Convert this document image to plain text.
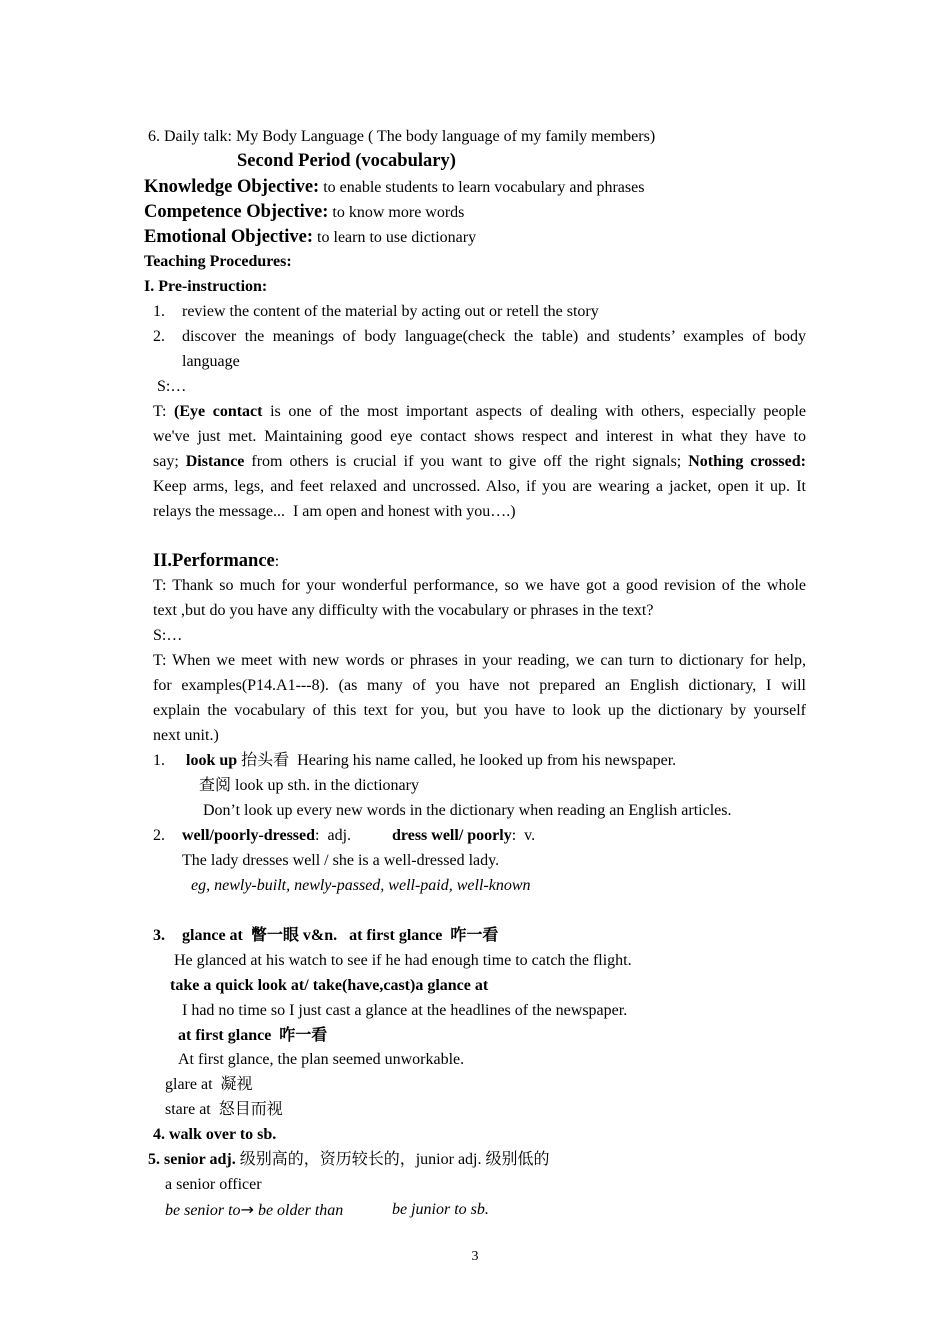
6. Daily talk: My Body Language ( The body language of my family members)
Second Period (vocabulary)
Knowledge Objective: to enable students to learn vocabulary and phrases
Competence Objective: to know more words
Emotional Objective: to learn to use dictionary
Teaching Procedures:
I. Pre-instruction:
1. review the content of the material by acting out or retell the story
2. discover the meanings of body language(check the table) and students’ examples of body
language
S:…
T: (Eye contact is one of the most important aspects of dealing with others, especially people
we've just met. Maintaining good eye contact shows respect and interest in what they have to
say; Distance from others is crucial if you want to give off the right signals; Nothing crossed:
Keep arms, legs, and feet relaxed and uncrossed. Also, if you are wearing a jacket, open it up. It
relays the message...  I am open and honest with you….)
II.Performance:
T: Thank so much for your wonderful performance, so we have got a good revision of the whole
text ,but do you have any difficulty with the vocabulary or phrases in the text?
S:…
T: When we meet with new words or phrases in your reading, we can turn to dictionary for help,
for examples(P14.A1---8). (as many of you have not prepared an English dictionary, I will
explain the vocabulary of this text for you, but you have to look up the dictionary by yourself
next unit.)
1. look up 抬头看  Hearing his name called, he looked up from his newspaper.
查阅 look up sth. in the dictionary
Don’t look up every new words in the dictionary when reading an English articles.
2. well/poorly-dressed:  adj.	dress well/ poorly:  v.
The lady dresses well / she is a well-dressed lady.
eg, newly-built, newly-passed, well-paid, well-known
3. glance at  瞥一眼 v&n.   at first glance  咋一看
He glanced at his watch to see if he had enough time to catch the flight.
take a quick look at/ take(have,cast)a glance at
I had no time so I just cast a glance at the headlines of the newspaper.
at first glance  咋一看
At first glance, the plan seemed unworkable.
glare at  凝视
stare at  怒目而视
4. walk over to sb.
5. senior adj. 级别高的，资历较长的，junior adj. 级别低的
a senior officer
be senior to→ be older than	be junior to sb.
3
